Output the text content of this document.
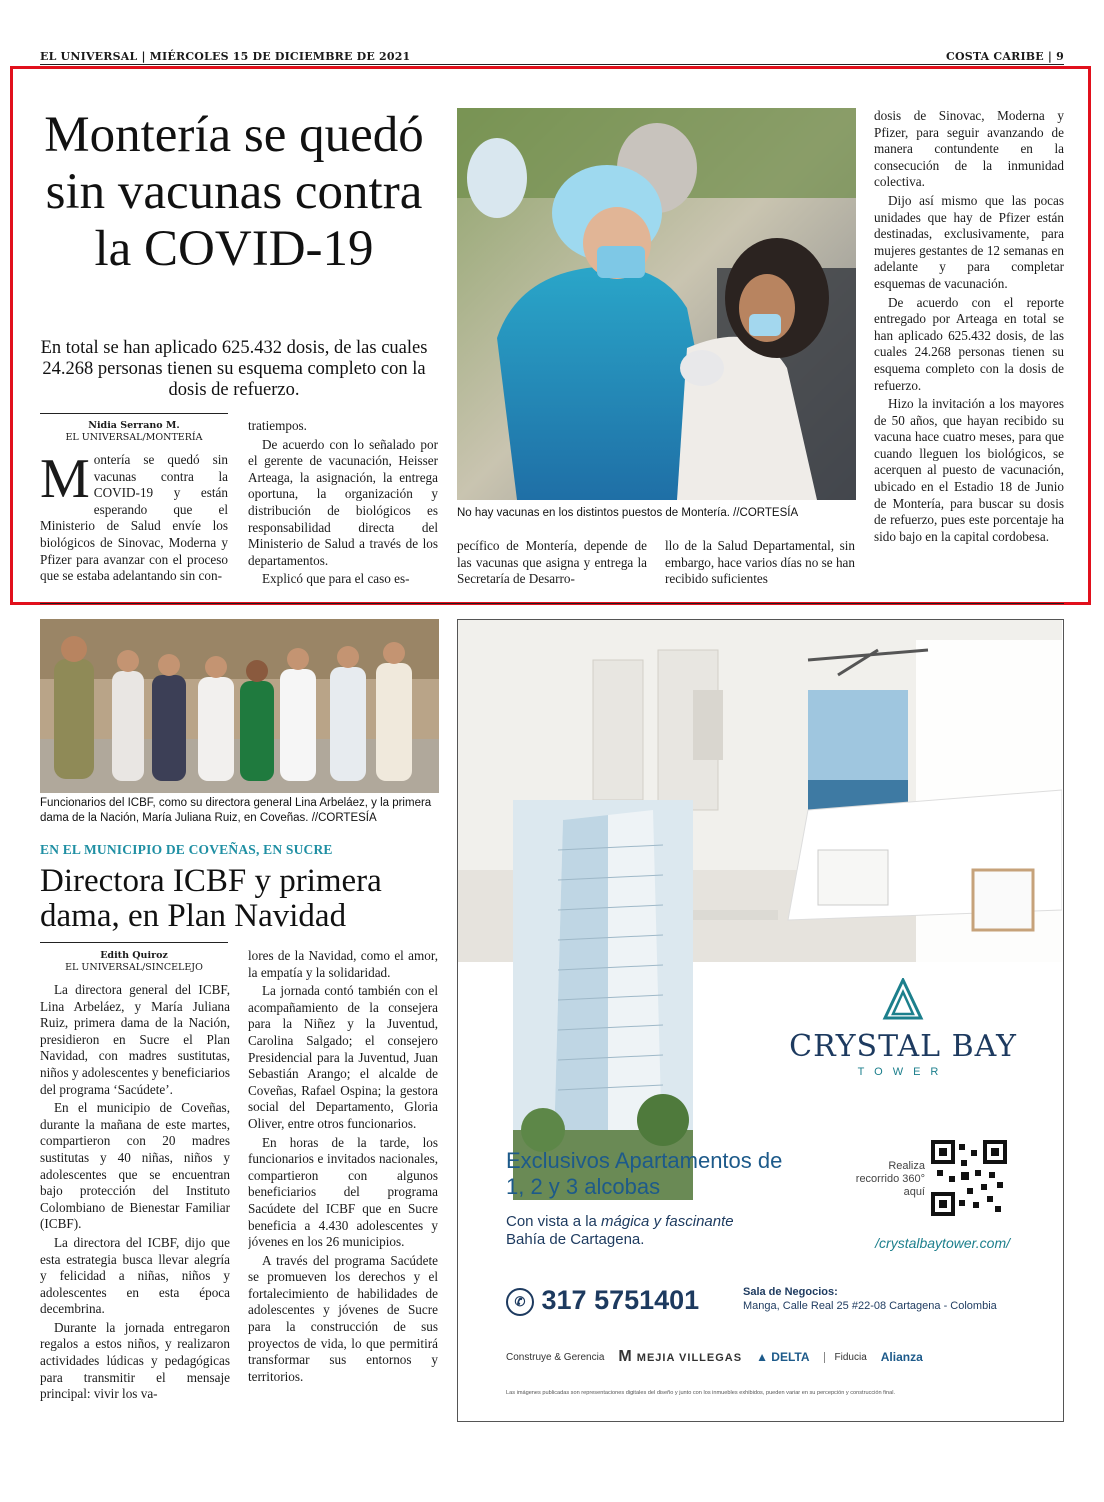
EL UNIVERSAL | MIÉRCOLES 15 DE DICIEMBRE DE 2021	COSTA CARIBE | 9
Montería se quedó sin vacunas contra la COVID-19
En total se han aplicado 625.432 dosis, de las cuales 24.268 personas tienen su esquema completo con la dosis de refuerzo.
Nidia Serrano M.
EL UNIVERSAL/MONTERÍA
Montería se quedó sin vacunas contra la COVID-19 y están esperando que el Ministerio de Salud envíe los biológicos de Sinovac, Moderna y Pfizer para avanzar con el proceso que se estaba adelantando sin con-

tratiempos.

De acuerdo con lo señalado por el gerente de vacunación, Heisser Arteaga, la asignación, la entrega oportuna, la organización y distribución de biológicos es responsabilidad directa del Ministerio de Salud a través de los departamentos.

Explicó que para el caso es-

No hay vacunas en los distintos puestos de Montería. //CORTESÍA
pecífico de Montería, depende de las vacunas que asigna y entrega la Secretaría de Desarro-
llo de la Salud Departamental, sin embargo, hace varios días no se han recibido suficientes

dosis de Sinovac, Moderna y Pfizer, para seguir avanzando de manera contundente en la consecución de la inmunidad colectiva.

Dijo así mismo que las pocas unidades que hay de Pfizer están destinadas, exclusivamente, para mujeres gestantes de 12 semanas en adelante y para completar esquemas de vacunación.

De acuerdo con el reporte entregado por Arteaga en total se han aplicado 625.432 dosis, de las cuales 24.268 personas tienen su esquema completo con la dosis de refuerzo.

Hizo la invitación a los mayores de 50 años, que hayan recibido su vacuna hace cuatro meses, para que cuando lleguen los biológicos, se acerquen al puesto de vacunación, ubicado en el Estadio 18 de Junio de Montería, para buscar su dosis de refuerzo, pues este porcentaje ha sido bajo en la capital cordobesa.

Funcionarios del ICBF, como su directora general Lina Arbeláez, y la primera dama de la Nación, María Juliana Ruiz, en Coveñas. //CORTESÍA
EN EL MUNICIPIO DE COVEÑAS, EN SUCRE
Directora ICBF y primera dama, en Plan Navidad
Edith Quiroz
EL UNIVERSAL/SINCELEJO

La directora general del ICBF, Lina Arbeláez, y María Juliana Ruiz, primera dama de la Nación, presidieron en Sucre el Plan Navidad, con madres sustitutas, niños y adolescentes y beneficiarios del programa ‘Sacúdete’.

En el municipio de Coveñas, durante la mañana de este martes, compartieron con 20 madres sustitutas y 40 niñas, niños y adolescentes que se encuentran bajo protección del Instituto Colombiano de Bienestar Familiar (ICBF).

La directora del ICBF, dijo que esta estrategia busca llevar alegría y felicidad a niñas, niños y adolescentes en esta época decembrina.

Durante la jornada entregaron regalos a estos niños, y realizaron actividades lúdicas y pedagógicas para transmitir el mensaje principal: vivir los va-

lores de la Navidad, como el amor, la empatía y la solidaridad.

La jornada contó también con el acompañamiento de la consejera para la Niñez y la Juventud, Carolina Salgado; el consejero Presidencial para la Juventud, Juan Sebastián Arango; el alcalde de Coveñas, Rafael Ospina; la gestora social del Departamento, Gloria Oliver, entre otros funcionarios.

En horas de la tarde, los funcionarios e invitados nacionales, compartieron con algunos beneficiarios del programa Sacúdete del ICBF que en Sucre beneficia a 4.430 adolescentes y jóvenes en los 26 municipios.

A través del programa Sacúdete se promueven los derechos y el fortalecimiento de habilidades de adolescentes y jóvenes de Sucre para la construcción de sus proyectos de vida, lo que permitirá transformar sus entornos y territorios.

CRYSTAL BAY
TOWER
Exclusivos Apartamentos de 1, 2 y 3 alcobas
Con vista a la mágica y fascinante
Bahía de Cartagena.
Realiza recorrido 360° aquí
/crystalbaytower.com/
✆ 317 5751401	Sala de Negocios:
Manga, Calle Real 25 #22-08 Cartagena - Colombia
Construye & Gerencia M MEJIA VILLEGAS ▲ DELTA	Fiducia Alianza
Las imágenes publicadas son representaciones digitales del diseño y junto con los inmuebles exhibidos, pueden variar en su percepción y construcción final.
